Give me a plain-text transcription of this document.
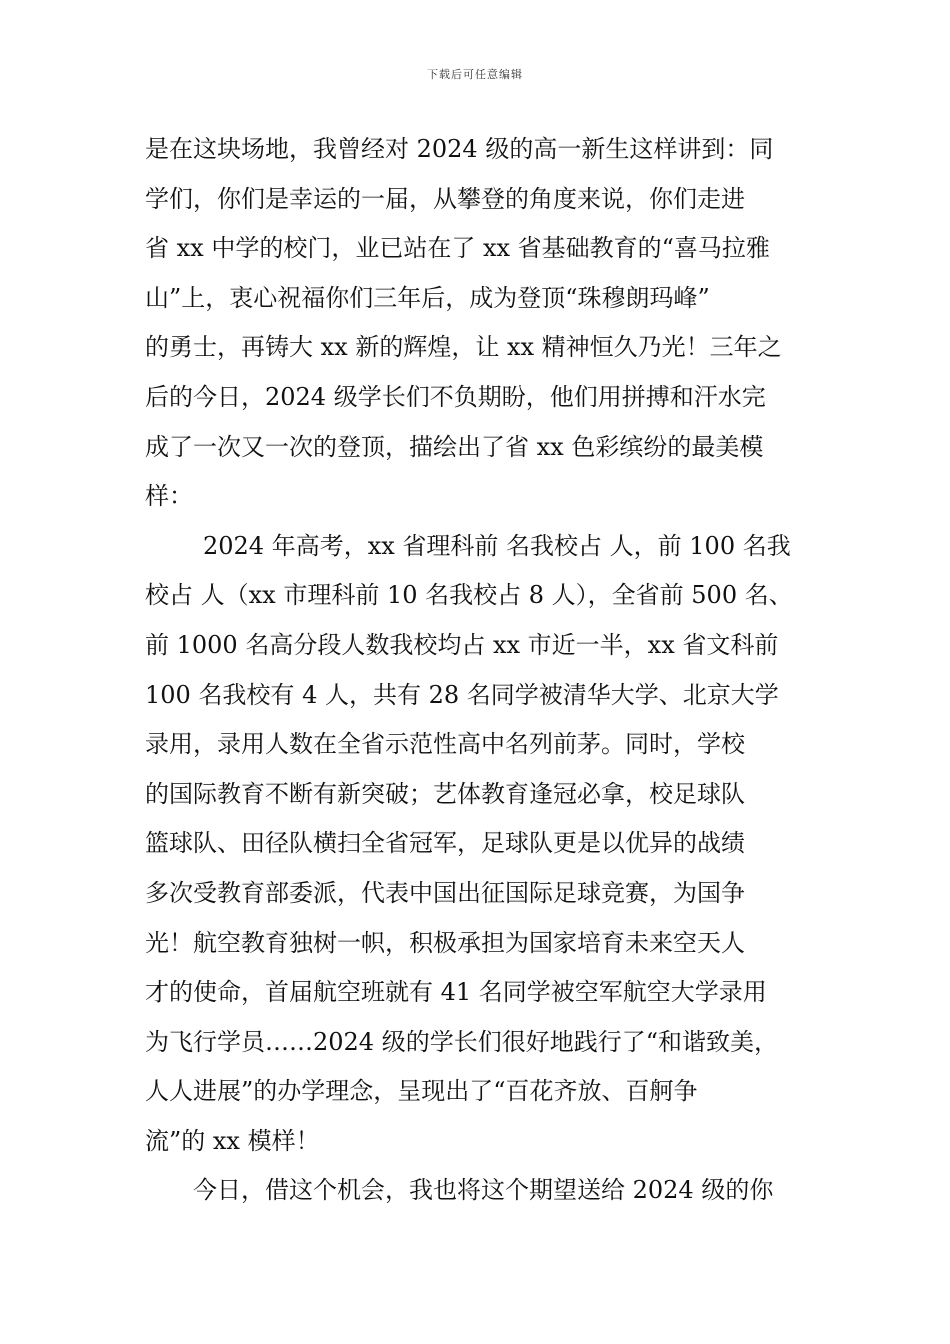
下载后可任意编辑
是在这块场地，我曾经对 2024 级的高一新生这样讲到：同
学们，你们是幸运的一届，从攀登的角度来说，你们走进
省 xx 中学的校门，业已站在了 xx 省基础教育的“喜马拉雅
山”上，衷心祝福你们三年后，成为登顶“珠穆朗玛峰”
的勇士，再铸大 xx 新的辉煌，让 xx 精神恒久乃光！三年之
后的今日，2024 级学长们不负期盼，他们用拼搏和汗水完
成了一次又一次的登顶，描绘出了省 xx 色彩缤纷的最美模
样：
2024 年高考，xx 省理科前 名我校占 人，前 100 名我
校占 人（xx 市理科前 10 名我校占 8 人），全省前 500 名、
前 1000 名高分段人数我校均占 xx 市近一半，xx 省文科前
100 名我校有 4 人，共有 28 名同学被清华大学、北京大学
录用，录用人数在全省示范性高中名列前茅。同时，学校
的国际教育不断有新突破；艺体教育逢冠必拿，校足球队
篮球队、田径队横扫全省冠军，足球队更是以优异的战绩
多次受教育部委派，代表中国出征国际足球竞赛，为国争
光！航空教育独树一帜，积极承担为国家培育未来空天人
才的使命，首届航空班就有 41 名同学被空军航空大学录用
为飞行学员……2024 级的学长们很好地践行了“和谐致美，
人人进展”的办学理念，呈现出了“百花齐放、百舸争
流”的 xx 模样！
今日，借这个机会，我也将这个期望送给 2024 级的你
